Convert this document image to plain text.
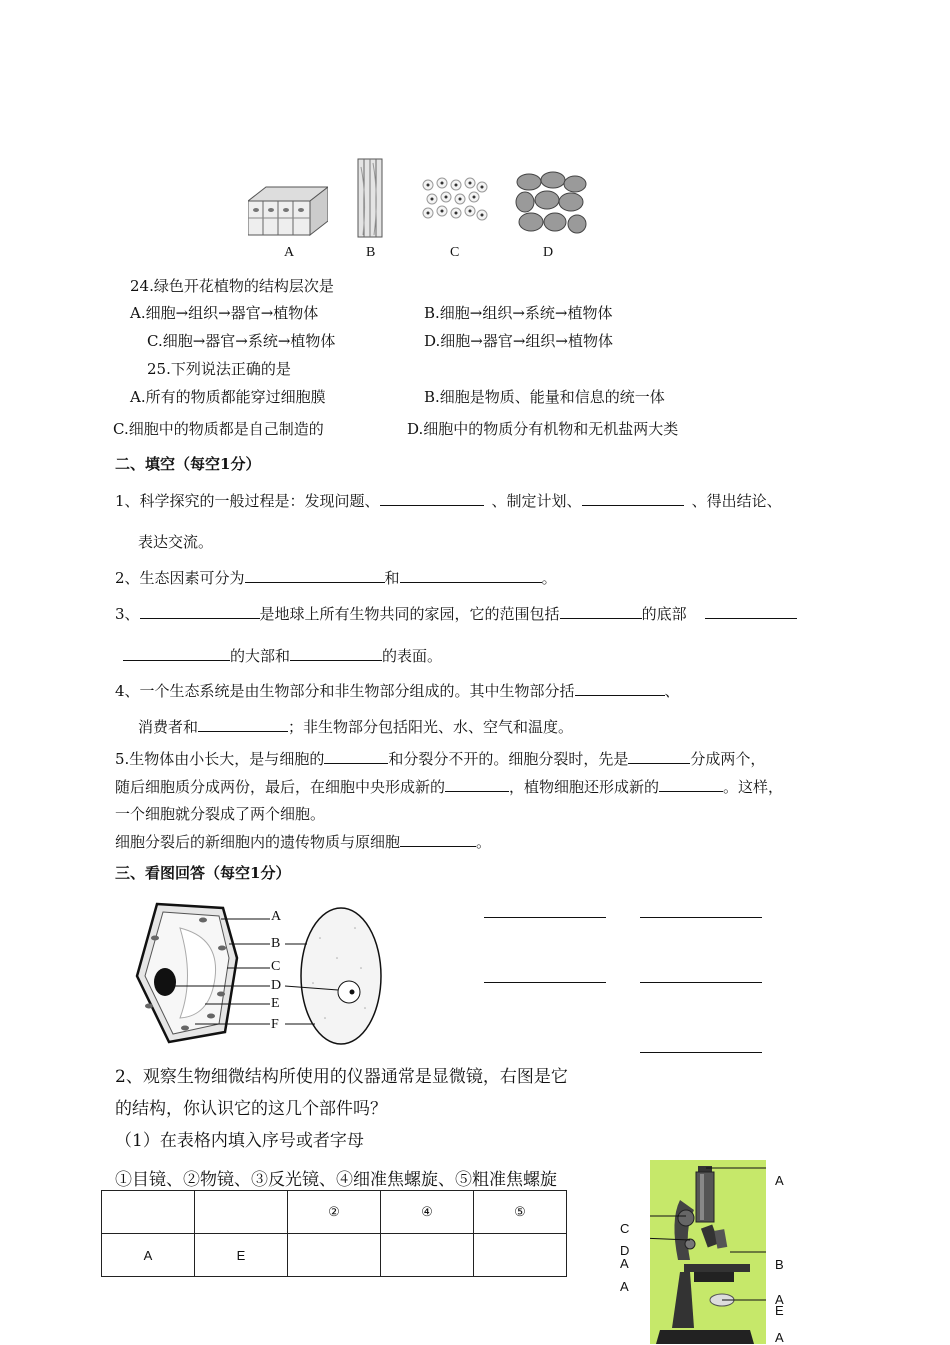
A	B	C	D
24.绿色开花植物的结构层次是
A.细胞→组织→器官→植物体	B.细胞→组织→系统→植物体
C.细胞→器官→系统→植物体	D.细胞→器官→组织→植物体
25.下列说法正确的是
A.所有的物质都能穿过细胞膜	B.细胞是物质、能量和信息的统一体
C.细胞中的物质都是自己制造的	D.细胞中的物质分有机物和无机盐两大类
二、填空（每空1分）
1、科学探究的一般过程是：发现问题、	、制定计划、	、得出结论、
表达交流。
2、生态因素可分为	和	。
3、	是地球上所有生物共同的家园，它的范围包括	的底部
的大部和	的表面。
4、一个生态系统是由生物部分和非生物部分组成的。其中生物部分括	、
消费者和	；非生物部分包括阳光、水、空气和温度。
5.生物体由小长大，是与细胞的	和分裂分不开的。细胞分裂时，先是	分成两个，
随后细胞质分成两份，最后，在细胞中央形成新的	，植物细胞还形成新的	。这样，
一个细胞就分裂成了两个细胞。
细胞分裂后的新细胞内的遗传物质与原细胞	。
三、看图回答（每空1分）
A
B
C
D
E
F
2、观察生物细微结构所使用的仪器通常是显微镜，右图是它
的结构，你认识它的这几个部件吗？
（1）在表格内填入序号或者字母
①目镜、②物镜、③反光镜、④细准焦螺旋、⑤粗准焦螺旋
		②	④	⑤
A	E			
A
C
D
A
A
B
A
E
A
